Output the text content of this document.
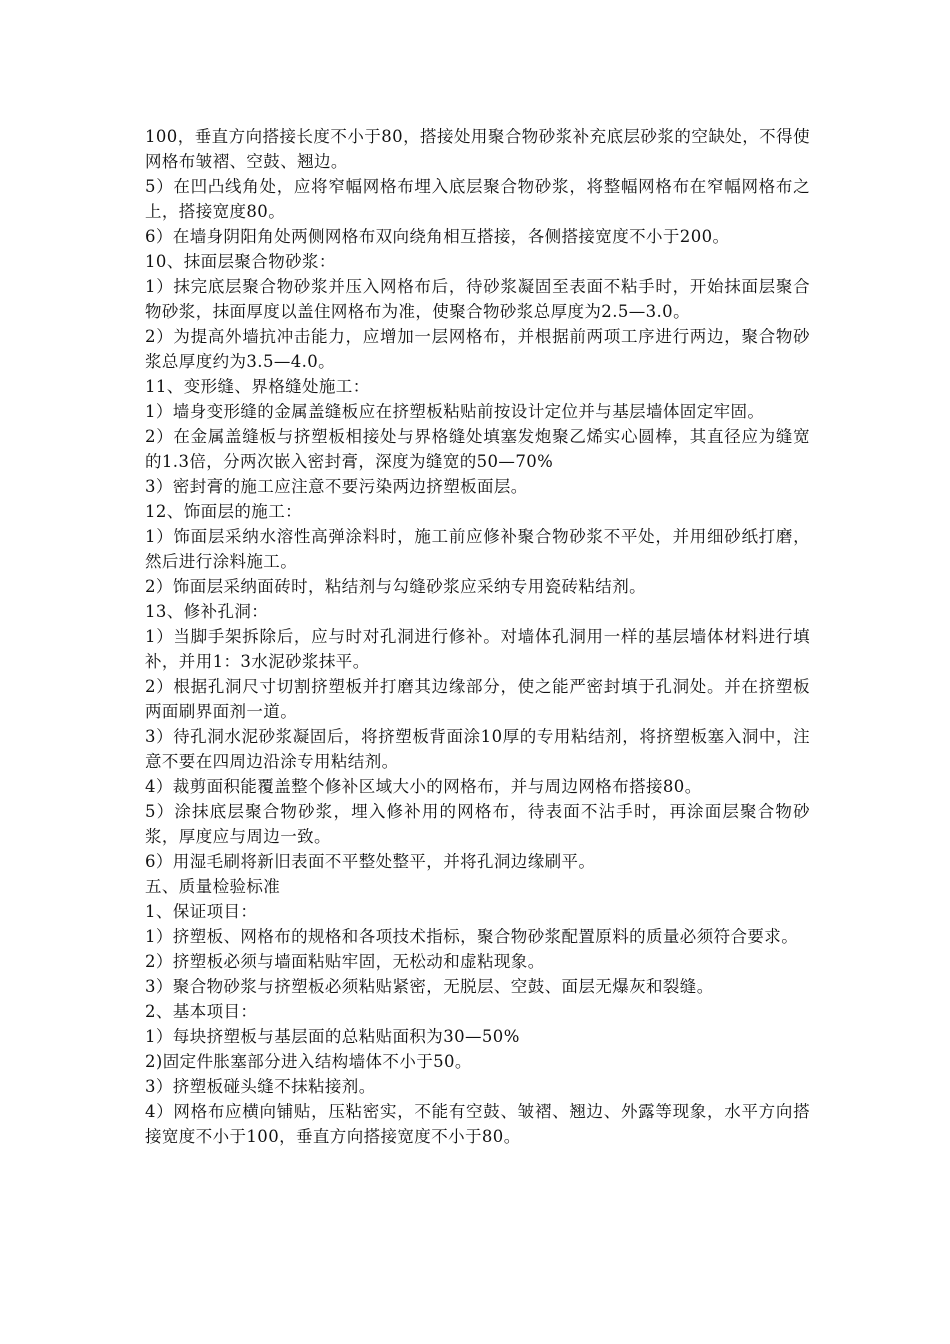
100，垂直方向搭接长度不小于80，搭接处用聚合物砂浆补充底层砂浆的空缺处，不得使网格布皱褶、空鼓、翘边。

5）在凹凸线角处，应将窄幅网格布埋入底层聚合物砂浆，将整幅网格布在窄幅网格布之上，搭接宽度80。

6）在墙身阴阳角处两侧网格布双向绕角相互搭接，各侧搭接宽度不小于200。

10、抹面层聚合物砂浆：

1）抹完底层聚合物砂浆并压入网格布后，待砂浆凝固至表面不粘手时，开始抹面层聚合物砂浆，抹面厚度以盖住网格布为准，使聚合物砂浆总厚度为2.5—3.0。

2）为提高外墙抗冲击能力，应增加一层网格布，并根据前两项工序进行两边，聚合物砂浆总厚度约为3.5—4.0。

11、变形缝、界格缝处施工：

1）墙身变形缝的金属盖缝板应在挤塑板粘贴前按设计定位并与基层墙体固定牢固。

2）在金属盖缝板与挤塑板相接处与界格缝处填塞发炮聚乙烯实心圆棒，其直径应为缝宽的1.3倍，分两次嵌入密封膏，深度为缝宽的50—70%

3）密封膏的施工应注意不要污染两边挤塑板面层。

12、饰面层的施工：

1）饰面层采纳水溶性高弹涂料时，施工前应修补聚合物砂浆不平处，并用细砂纸打磨，然后进行涂料施工。

2）饰面层采纳面砖时，粘结剂与勾缝砂浆应采纳专用瓷砖粘结剂。

13、修补孔洞：

1）当脚手架拆除后，应与时对孔洞进行修补。对墙体孔洞用一样的基层墙体材料进行填补，并用1：3水泥砂浆抹平。

2）根据孔洞尺寸切割挤塑板并打磨其边缘部分，使之能严密封填于孔洞处。并在挤塑板两面刷界面剂一道。

3）待孔洞水泥砂浆凝固后，将挤塑板背面涂10厚的专用粘结剂，将挤塑板塞入洞中，注意不要在四周边沿涂专用粘结剂。

4）裁剪面积能覆盖整个修补区域大小的网格布，并与周边网格布搭接80。

5）涂抹底层聚合物砂浆，埋入修补用的网格布，待表面不沾手时，再涂面层聚合物砂浆，厚度应与周边一致。

6）用湿毛刷将新旧表面不平整处整平，并将孔洞边缘刷平。

五、质量检验标准

1、保证项目：

1）挤塑板、网格布的规格和各项技术指标，聚合物砂浆配置原料的质量必须符合要求。

2）挤塑板必须与墙面粘贴牢固，无松动和虚粘现象。

3）聚合物砂浆与挤塑板必须粘贴紧密，无脱层、空鼓、面层无爆灰和裂缝。

2、基本项目：

1）每块挤塑板与基层面的总粘贴面积为30—50%

2)固定件胀塞部分进入结构墙体不小于50。

3）挤塑板碰头缝不抹粘接剂。

4）网格布应横向铺贴，压粘密实，不能有空鼓、皱褶、翘边、外露等现象，水平方向搭接宽度不小于100，垂直方向搭接宽度不小于80。
